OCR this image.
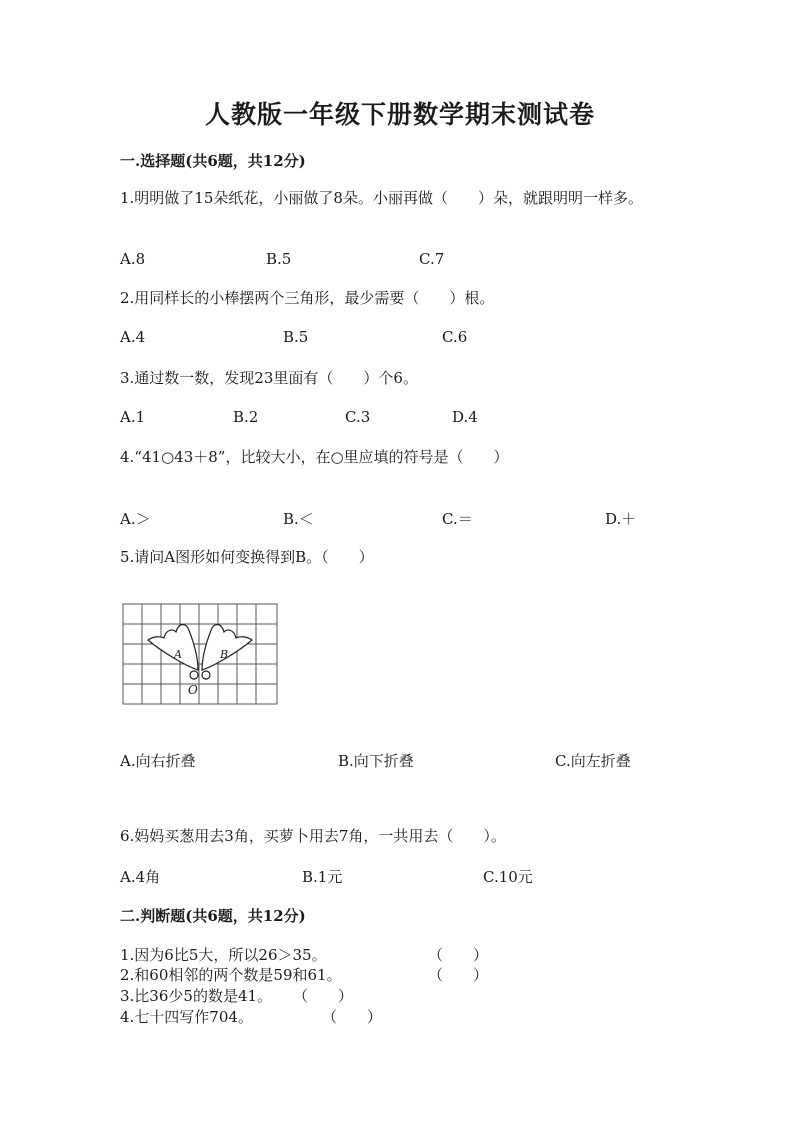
人教版一年级下册数学期末测试卷
一.选择题(共6题，共12分)
1.明明做了15朵纸花，小丽做了8朵。小丽再做（　　）朵，就跟明明一样多。
A.8	B.5	C.7
2.用同样长的小棒摆两个三角形，最少需要（　　）根。
A.4	B.5	C.6
3.通过数一数，发现23里面有（　　）个6。
A.1	B.2	C.3	D.4
4.“41○43＋8”，比较大小，在○里应填的符号是（　　）
A.＞	B.＜	C.＝	D.＋
5.请问A图形如何变换得到B。（　　）
A	B
O
A.向右折叠	B.向下折叠	C.向左折叠
6.妈妈买葱用去3角，买萝卜用去7角，一共用去（　　）。
A.4角	B.1元	C.10元
二.判断题(共6题，共12分)
1.因为6比5大，所以26＞35。	（　　）
2.和60相邻的两个数是59和61。	（　　）
3.比36少5的数是41。 （　　）
4.七十四写作704。	（　　）
